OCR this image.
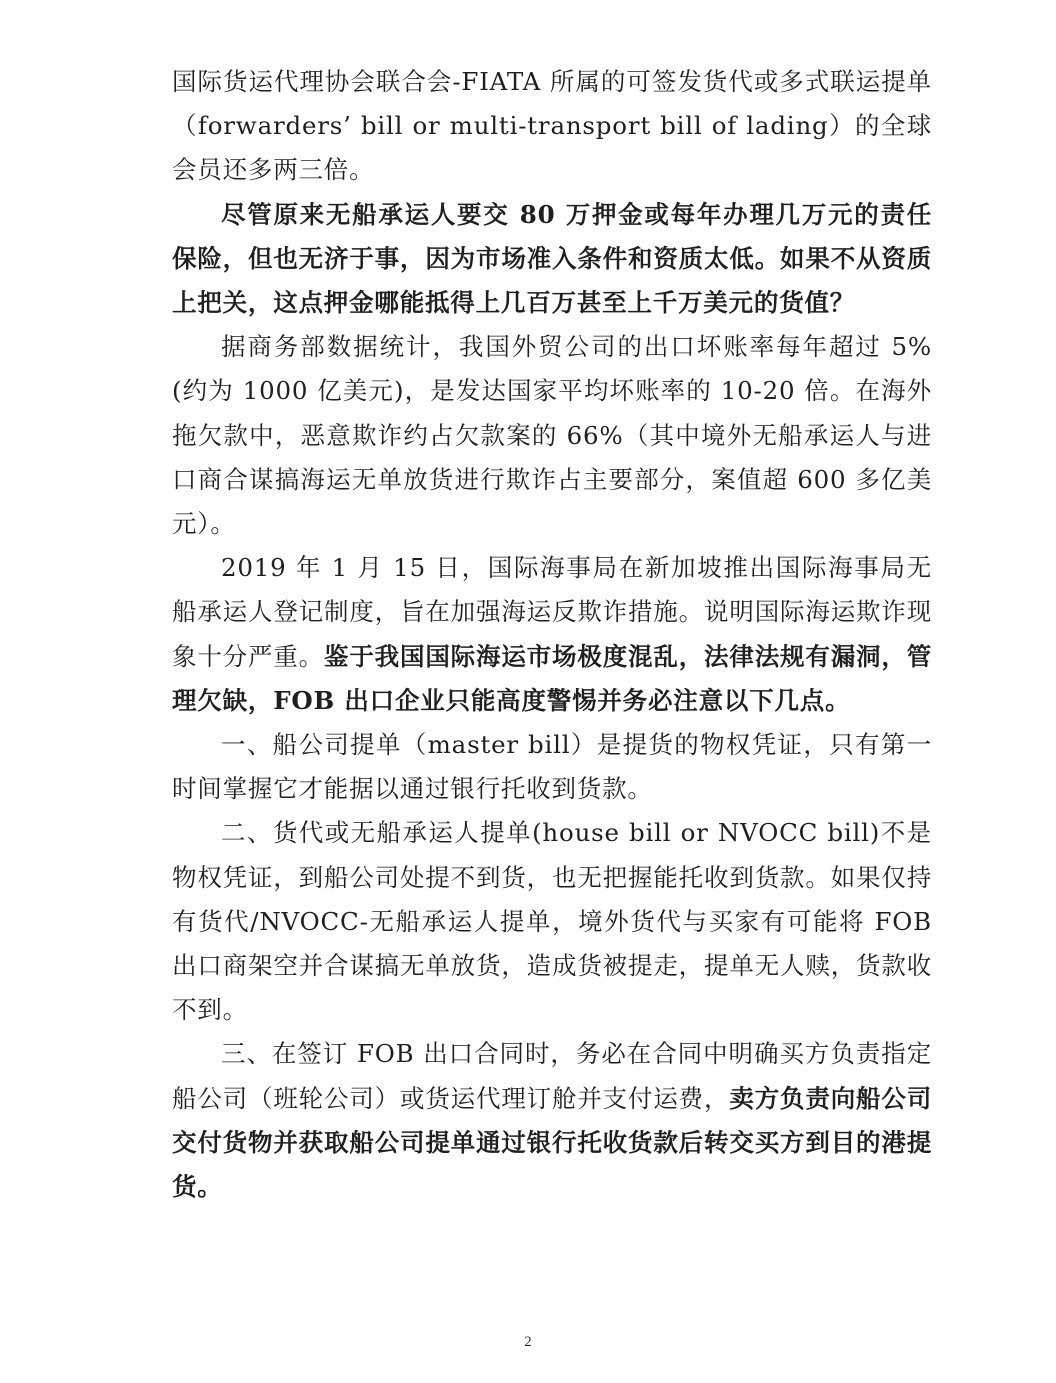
国际货运代理协会联合会-FIATA 所属的可签发货代或多式联运提单（forwarders’ bill or multi-transport bill of lading）的全球会员还多两三倍。

尽管原来无船承运人要交 80 万押金或每年办理几万元的责任保险，但也无济于事，因为市场准入条件和资质太低。如果不从资质上把关，这点押金哪能抵得上几百万甚至上千万美元的货值？

据商务部数据统计，我国外贸公司的出口坏账率每年超过 5%(约为 1000 亿美元)，是发达国家平均坏账率的 10-20 倍。在海外拖欠款中，恶意欺诈约占欠款案的 66%（其中境外无船承运人与进口商合谋搞海运无单放货进行欺诈占主要部分，案值超 600 多亿美元）。

2019 年 1 月 15 日，国际海事局在新加坡推出国际海事局无船承运人登记制度，旨在加强海运反欺诈措施。说明国际海运欺诈现象十分严重。鉴于我国国际海运市场极度混乱，法律法规有漏洞，管理欠缺，FOB 出口企业只能高度警惕并务必注意以下几点。

一、船公司提单（master bill）是提货的物权凭证，只有第一时间掌握它才能据以通过银行托收到货款。

二、货代或无船承运人提单(house bill or NVOCC bill)不是物权凭证，到船公司处提不到货，也无把握能托收到货款。如果仅持有货代/NVOCC-无船承运人提单，境外货代与买家有可能将 FOB 出口商架空并合谋搞无单放货，造成货被提走，提单无人赎，货款收不到。

三、在签订 FOB 出口合同时，务必在合同中明确买方负责指定船公司（班轮公司）或货运代理订舱并支付运费，卖方负责向船公司交付货物并获取船公司提单通过银行托收货款后转交买方到目的港提货。

2
